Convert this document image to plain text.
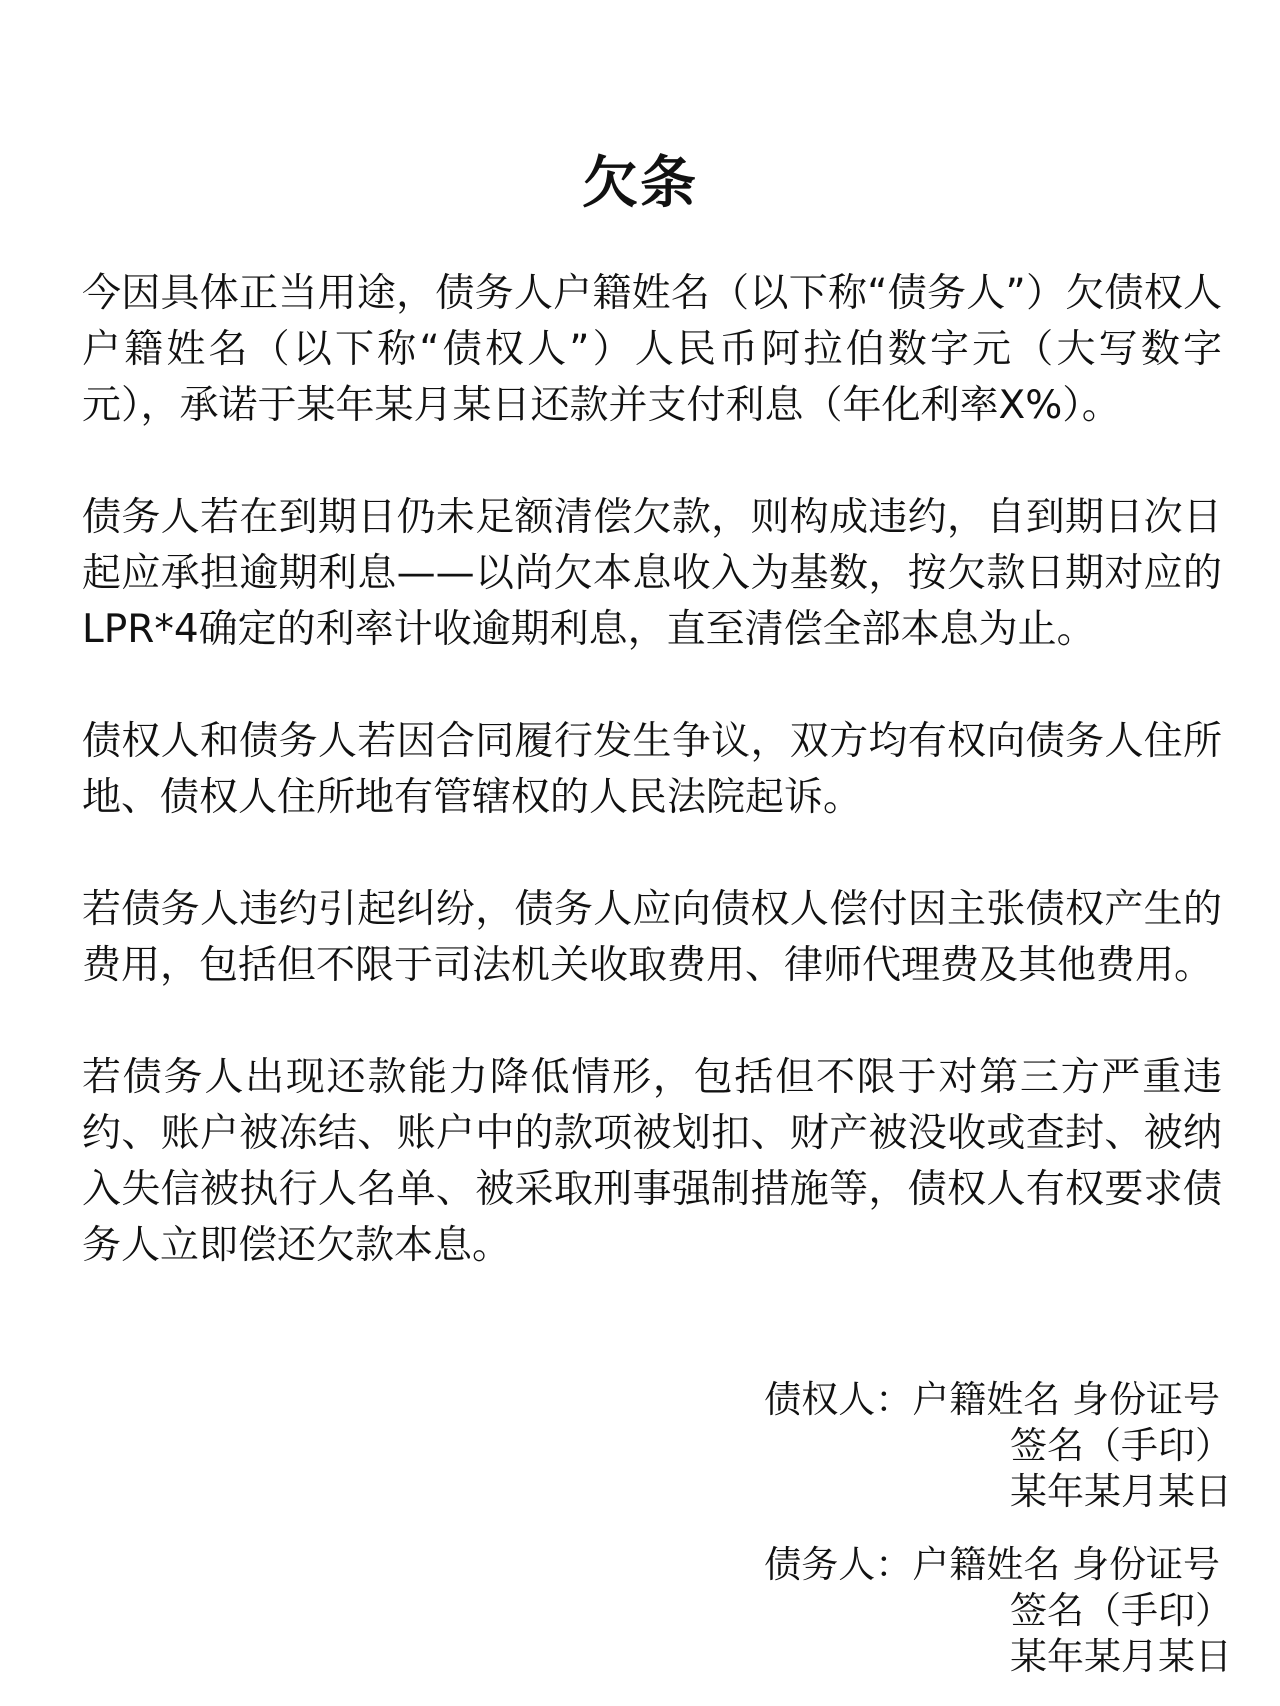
欠条

今因具体正当用途，债务人户籍姓名（以下称“债务人”）欠债权人户籍姓名（以下称“债权人”）人民币阿拉伯数字元（大写数字元），承诺于某年某月某日还款并支付利息（年化利率X%）。

债务人若在到期日仍未足额清偿欠款，则构成违约，自到期日次日起应承担逾期利息——以尚欠本息收入为基数，按欠款日期对应的LPR*4确定的利率计收逾期利息，直至清偿全部本息为止。

债权人和债务人若因合同履行发生争议，双方均有权向债务人住所地、债权人住所地有管辖权的人民法院起诉。

若债务人违约引起纠纷，债务人应向债权人偿付因主张债权产生的费用，包括但不限于司法机关收取费用、律师代理费及其他费用。

若债务人出现还款能力降低情形，包括但不限于对第三方严重违约、账户被冻结、账户中的款项被划扣、财产被没收或查封、被纳入失信被执行人名单、被采取刑事强制措施等，债权人有权要求债务人立即偿还欠款本息。

债权人：户籍姓名 身份证号
签名（手印）
某年某月某日
债务人：户籍姓名 身份证号
签名（手印）
某年某月某日
